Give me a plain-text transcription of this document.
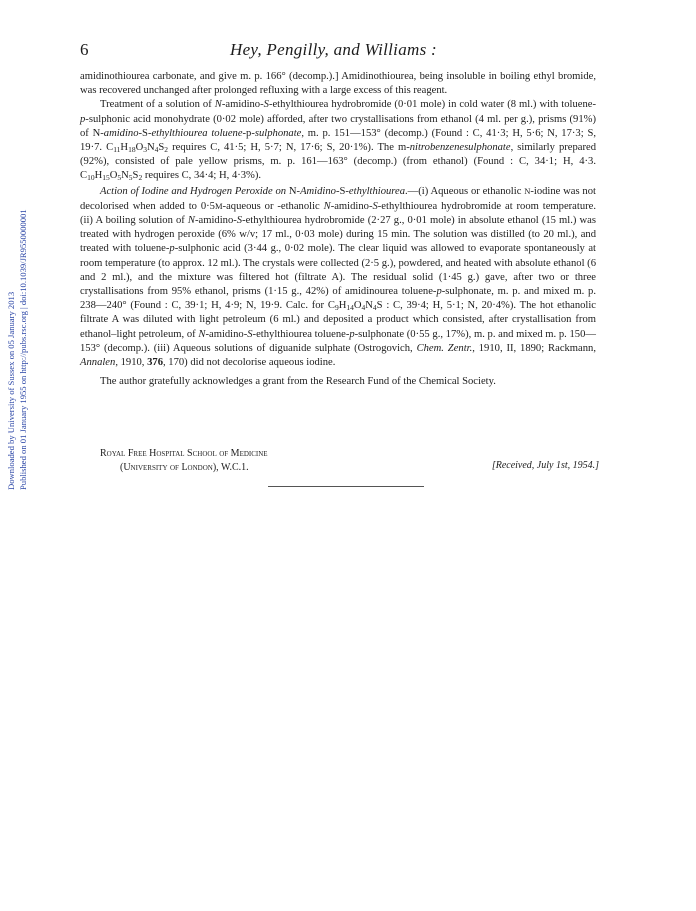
Downloaded by University of Sussex on 05 January 2013 Published on 01 January 1955 on http://pubs.rsc.org | doi:10.1039/JR9550000001
6	Hey, Pengilly, and Williams :

amidinothiourea carbonate, and give m. p. 166° (decomp.).] Amidinothiourea, being insoluble in boiling ethyl bromide, was recovered unchanged after prolonged refluxing with a large excess of this reagent.

Treatment of a solution of N-amidino-S-ethylthiourea hydrobromide (0·01 mole) in cold water (8 ml.) with toluene-p-sulphonic acid monohydrate (0·02 mole) afforded, after two crystallisations from ethanol (4 ml. per g.), prisms (91%) of N-amidino-S-ethylthiourea toluene-p-sulphonate, m. p. 151—153° (decomp.) (Found : C, 41·3; H, 5·6; N, 17·3; S, 19·7. $C_{11}H_{18}O_3N_4S_2$ requires C, 41·5; H, 5·7; N, 17·6; S, 20·1%). The m-nitrobenzenesulphonate, similarly prepared (92%), consisted of pale yellow prisms, m. p. 161—163° (decomp.) (from ethanol) (Found : C, 34·1; H, 4·3. $C_{10}H_{15}O_5N_5S_2$ requires C, 34·4; H, 4·3%).

Action of Iodine and Hydrogen Peroxide on N-Amidino-S-ethylthiourea.—(i) Aqueous or ethanolic N-iodine was not decolorised when added to 0·5M-aqueous or -ethanolic N-amidino-S-ethylthiourea hydrobromide at room temperature. (ii) A boiling solution of N-amidino-S-ethylthiourea hydrobromide (2·27 g., 0·01 mole) in absolute ethanol (15 ml.) was treated with hydrogen peroxide (6% w/v; 17 ml., 0·03 mole) during 15 min. The solution was distilled (to 20 ml.), and treated with toluene-p-sulphonic acid (3·44 g., 0·02 mole). The clear liquid was allowed to evaporate spontaneously at room temperature (to approx. 12 ml.). The crystals were collected (2·5 g.), powdered, and heated with absolute ethanol (6 and 2 ml.), and the mixture was filtered hot (filtrate A). The residual solid (1·45 g.) gave, after two or three crystallisations from 95% ethanol, prisms (1·15 g., 42%) of amidinourea toluene-p-sulphonate, m. p. and mixed m. p. 238—240° (Found : C, 39·1; H, 4·9; N, 19·9. Calc. for $C_9H_{14}O_4N_4S$ : C, 39·4; H, 5·1; N, 20·4%). The hot ethanolic filtrate A was diluted with light petroleum (6 ml.) and deposited a product which consisted, after crystallisation from ethanol–light petroleum, of N-amidino-S-ethylthiourea toluene-p-sulphonate (0·55 g., 17%), m. p. and mixed m. p. 150—153° (decomp.). (iii) Aqueous solutions of diguanide sulphate (Ostrogovich, Chem. Zentr., 1910, II, 1890; Rackmann, Annalen, 1910, 376, 170) did not decolorise aqueous iodine.

The author gratefully acknowledges a grant from the Research Fund of the Chemical Society.

Royal Free Hospital School of Medicine
(University of London), W.C.1.	[Received, July 1st, 1954.]
